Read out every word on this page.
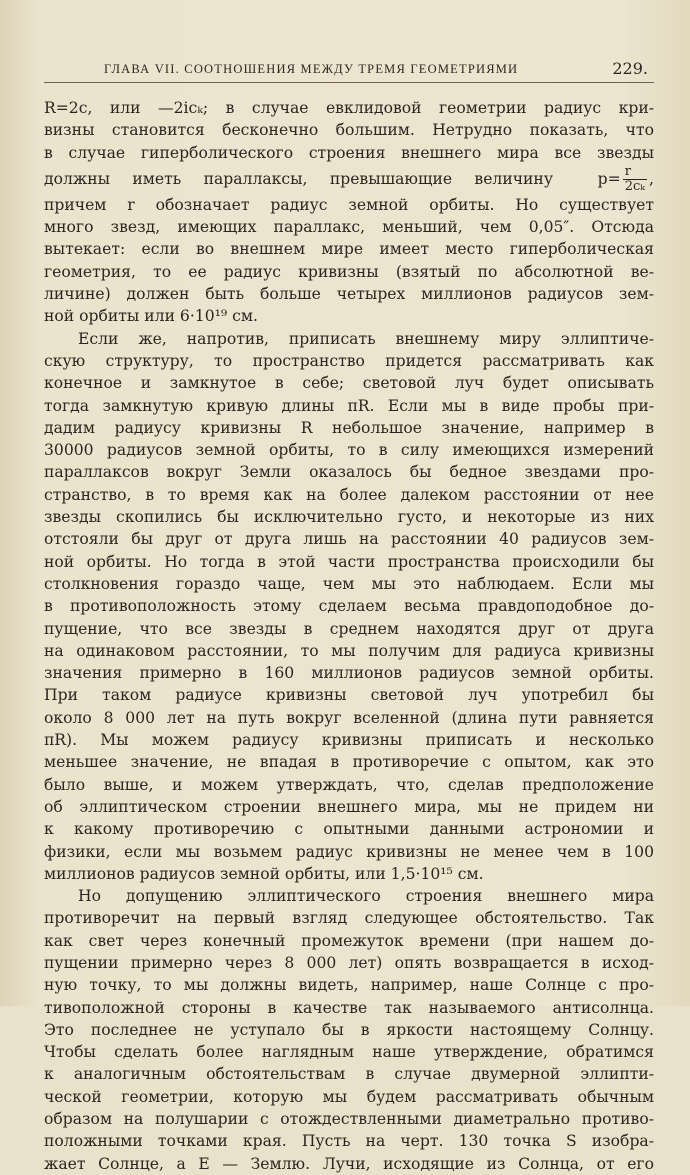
ГЛАВА VII. СООТНОШЕНИЯ МЕЖДУ ТРЕМЯ ГЕОМЕТРИЯМИ	229.
R=2c, или —2icₖ; в случае евклидовой геометрии радиус кри-
визны становится бесконечно большим. Нетрудно показать, что
в случае гиперболического строения внешнего мира все звезды
должны иметь параллаксы, превышающие величину	$p= \frac{r}{\text{2cₖ}}$ ,
причем r обозначает радиус земной орбиты. Но существует
много звезд, имеющих параллакс, меньший, чем 0,05″. Отсюда
вытекает: если во внешнем мире имеет место гиперболическая
геометрия, то ее радиус кривизны (взятый по абсолютной ве-
личине) должен быть больше четырех миллионов радиусов зем-
ной орбиты или 6·10¹⁹ см.
Если же, напротив, приписать внешнему миру эллиптиче-
скую структуру, то пространство придется рассматривать как
конечное и замкнутое в себе; световой луч будет описывать
тогда замкнутую кривую длины πR. Если мы в виде пробы при-
дадим радиусу кривизны R небольшое значение, например в
30000 радиусов земной орбиты, то в силу имеющихся измерений
параллаксов вокруг Земли оказалось бы бедное звездами про-
странство, в то время как на более далеком расстоянии от нее
звезды скопились бы исключительно густо, и некоторые из них
отстояли бы друг от друга лишь на расстоянии 40 радиусов зем-
ной орбиты. Но тогда в этой части пространства происходили бы
столкновения гораздо чаще, чем мы это наблюдаем. Если мы
в противоположность этому сделаем весьма правдоподобное до-
пущение, что все звезды в среднем находятся друг от друга
на одинаковом расстоянии, то мы получим для радиуса кривизны
значения примерно в 160 миллионов радиусов земной орбиты.
При таком радиусе кривизны световой луч употребил бы
около 8 000 лет на путь вокруг вселенной (длина пути равняется
πR). Мы можем радиусу кривизны приписать и несколько
меньшее значение, не впадая в противоречие с опытом, как это
было выше, и можем утверждать, что, сделав предположение
об эллиптическом строении внешнего мира, мы не придем ни
к какому противоречию с опытными данными астрономии и
физики, если мы возьмем радиус кривизны не менее чем в 100
миллионов радиусов земной орбиты, или 1,5·10¹⁵ см.
Но допущению эллиптического строения внешнего мира
противоречит на первый взгляд следующее обстоятельство. Так
как свет через конечный промежуток времени (при нашем до-
пущении примерно через 8 000 лет) опять возвращается в исход-
ную точку, то мы должны видеть, например, наше Солнце с про-
тивоположной стороны в качестве так называемого антисолнца.
Это последнее не уступало бы в яркости настоящему Солнцу.
Чтобы сделать более наглядным наше утверждение, обратимся
к аналогичным обстоятельствам в случае двумерной эллипти-
ческой геометрии, которую мы будем рассматривать обычным
образом на полушарии с отождествленными диаметрально противо-
положными точками края. Пусть на черт. 130 точка S изобра-
жает Солнце, а E — Землю. Лучи, исходящие из Солнца, от его
